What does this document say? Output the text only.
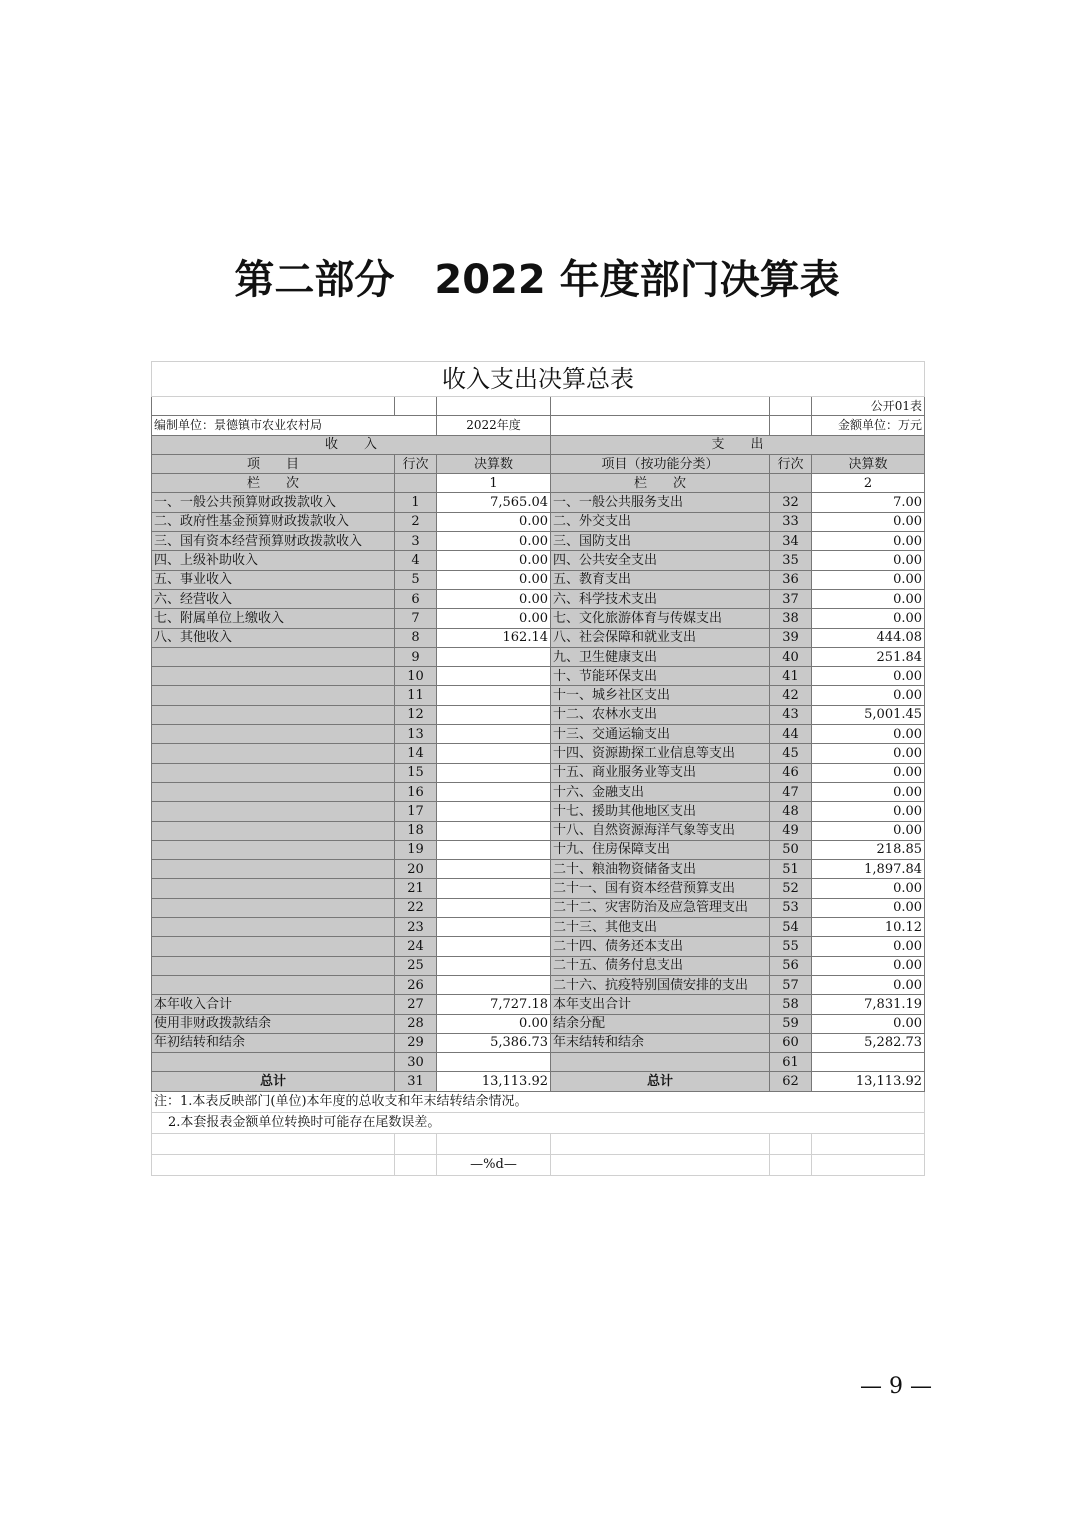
第二部分 2022 年度部门决算表
收入支出决算总表					
					公开01表
编制单位：景德镇市农业农村局		2022年度			金额单位：万元
收　　入			支　　出		
项　　目	行次	决算数	项目（按功能分类）	行次	决算数
栏　　次		1	栏　　次		2
一、一般公共预算财政拨款收入	1	7,565.04	一、一般公共服务支出	32	7.00
二、政府性基金预算财政拨款收入	2	0.00	二、外交支出	33	0.00
三、国有资本经营预算财政拨款收入	3	0.00	三、国防支出	34	0.00
四、上级补助收入	4	0.00	四、公共安全支出	35	0.00
五、事业收入	5	0.00	五、教育支出	36	0.00
六、经营收入	6	0.00	六、科学技术支出	37	0.00
七、附属单位上缴收入	7	0.00	七、文化旅游体育与传媒支出	38	0.00
八、其他收入	8	162.14	八、社会保障和就业支出	39	444.08
	9		九、卫生健康支出	40	251.84
	10		十、节能环保支出	41	0.00
	11		十一、城乡社区支出	42	0.00
	12		十二、农林水支出	43	5,001.45
	13		十三、交通运输支出	44	0.00
	14		十四、资源勘探工业信息等支出	45	0.00
	15		十五、商业服务业等支出	46	0.00
	16		十六、金融支出	47	0.00
	17		十七、援助其他地区支出	48	0.00
	18		十八、自然资源海洋气象等支出	49	0.00
	19		十九、住房保障支出	50	218.85
	20		二十、粮油物资储备支出	51	1,897.84
	21		二十一、国有资本经营预算支出	52	0.00
	22		二十二、灾害防治及应急管理支出	53	0.00
	23		二十三、其他支出	54	10.12
	24		二十四、债务还本支出	55	0.00
	25		二十五、债务付息支出	56	0.00
	26		二十六、抗疫特别国债安排的支出	57	0.00
本年收入合计	27	7,727.18	本年支出合计	58	7,831.19
使用非财政拨款结余	28	0.00	结余分配	59	0.00
年初结转和结余	29	5,386.73	年末结转和结余	60	5,282.73
	30			61	
总计	31	13,113.92	总计	62	13,113.92
注：1.本表反映部门(单位)本年度的总收支和年末结转结余情况。					
2.本套报表金额单位转换时可能存在尾数误差。					

		—%d—			
— 9 —
